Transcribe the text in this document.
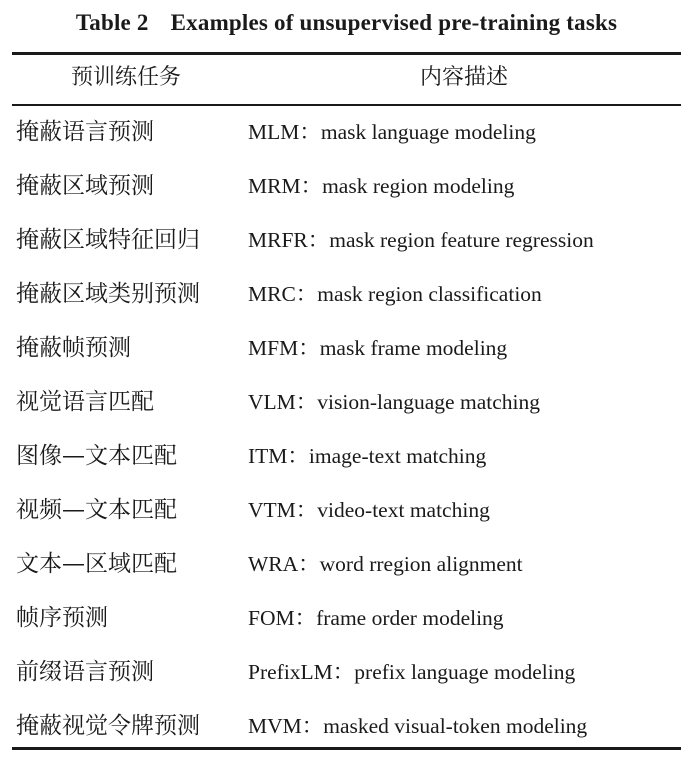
Table 2 Examples of unsupervised pre-training tasks
预训练任务	内容描述
掩蔽语言预测	MLM：mask language modeling
掩蔽区域预测	MRM：mask region modeling
掩蔽区域特征回归 MRFR：mask region feature regression
掩蔽区域类别预测 MRC：mask region classification
掩蔽帧预测	MFM：mask frame modeling
视觉语言匹配	VLM：vision-language matching
图像—文本匹配	ITM：image-text matching
视频—文本匹配	VTM：video-text matching
文本—区域匹配	WRA：word rregion alignment
帧序预测	FOM：frame order modeling
前缀语言预测	PrefixLM：prefix language modeling
掩蔽视觉令牌预测 MVM：masked visual-token modeling
